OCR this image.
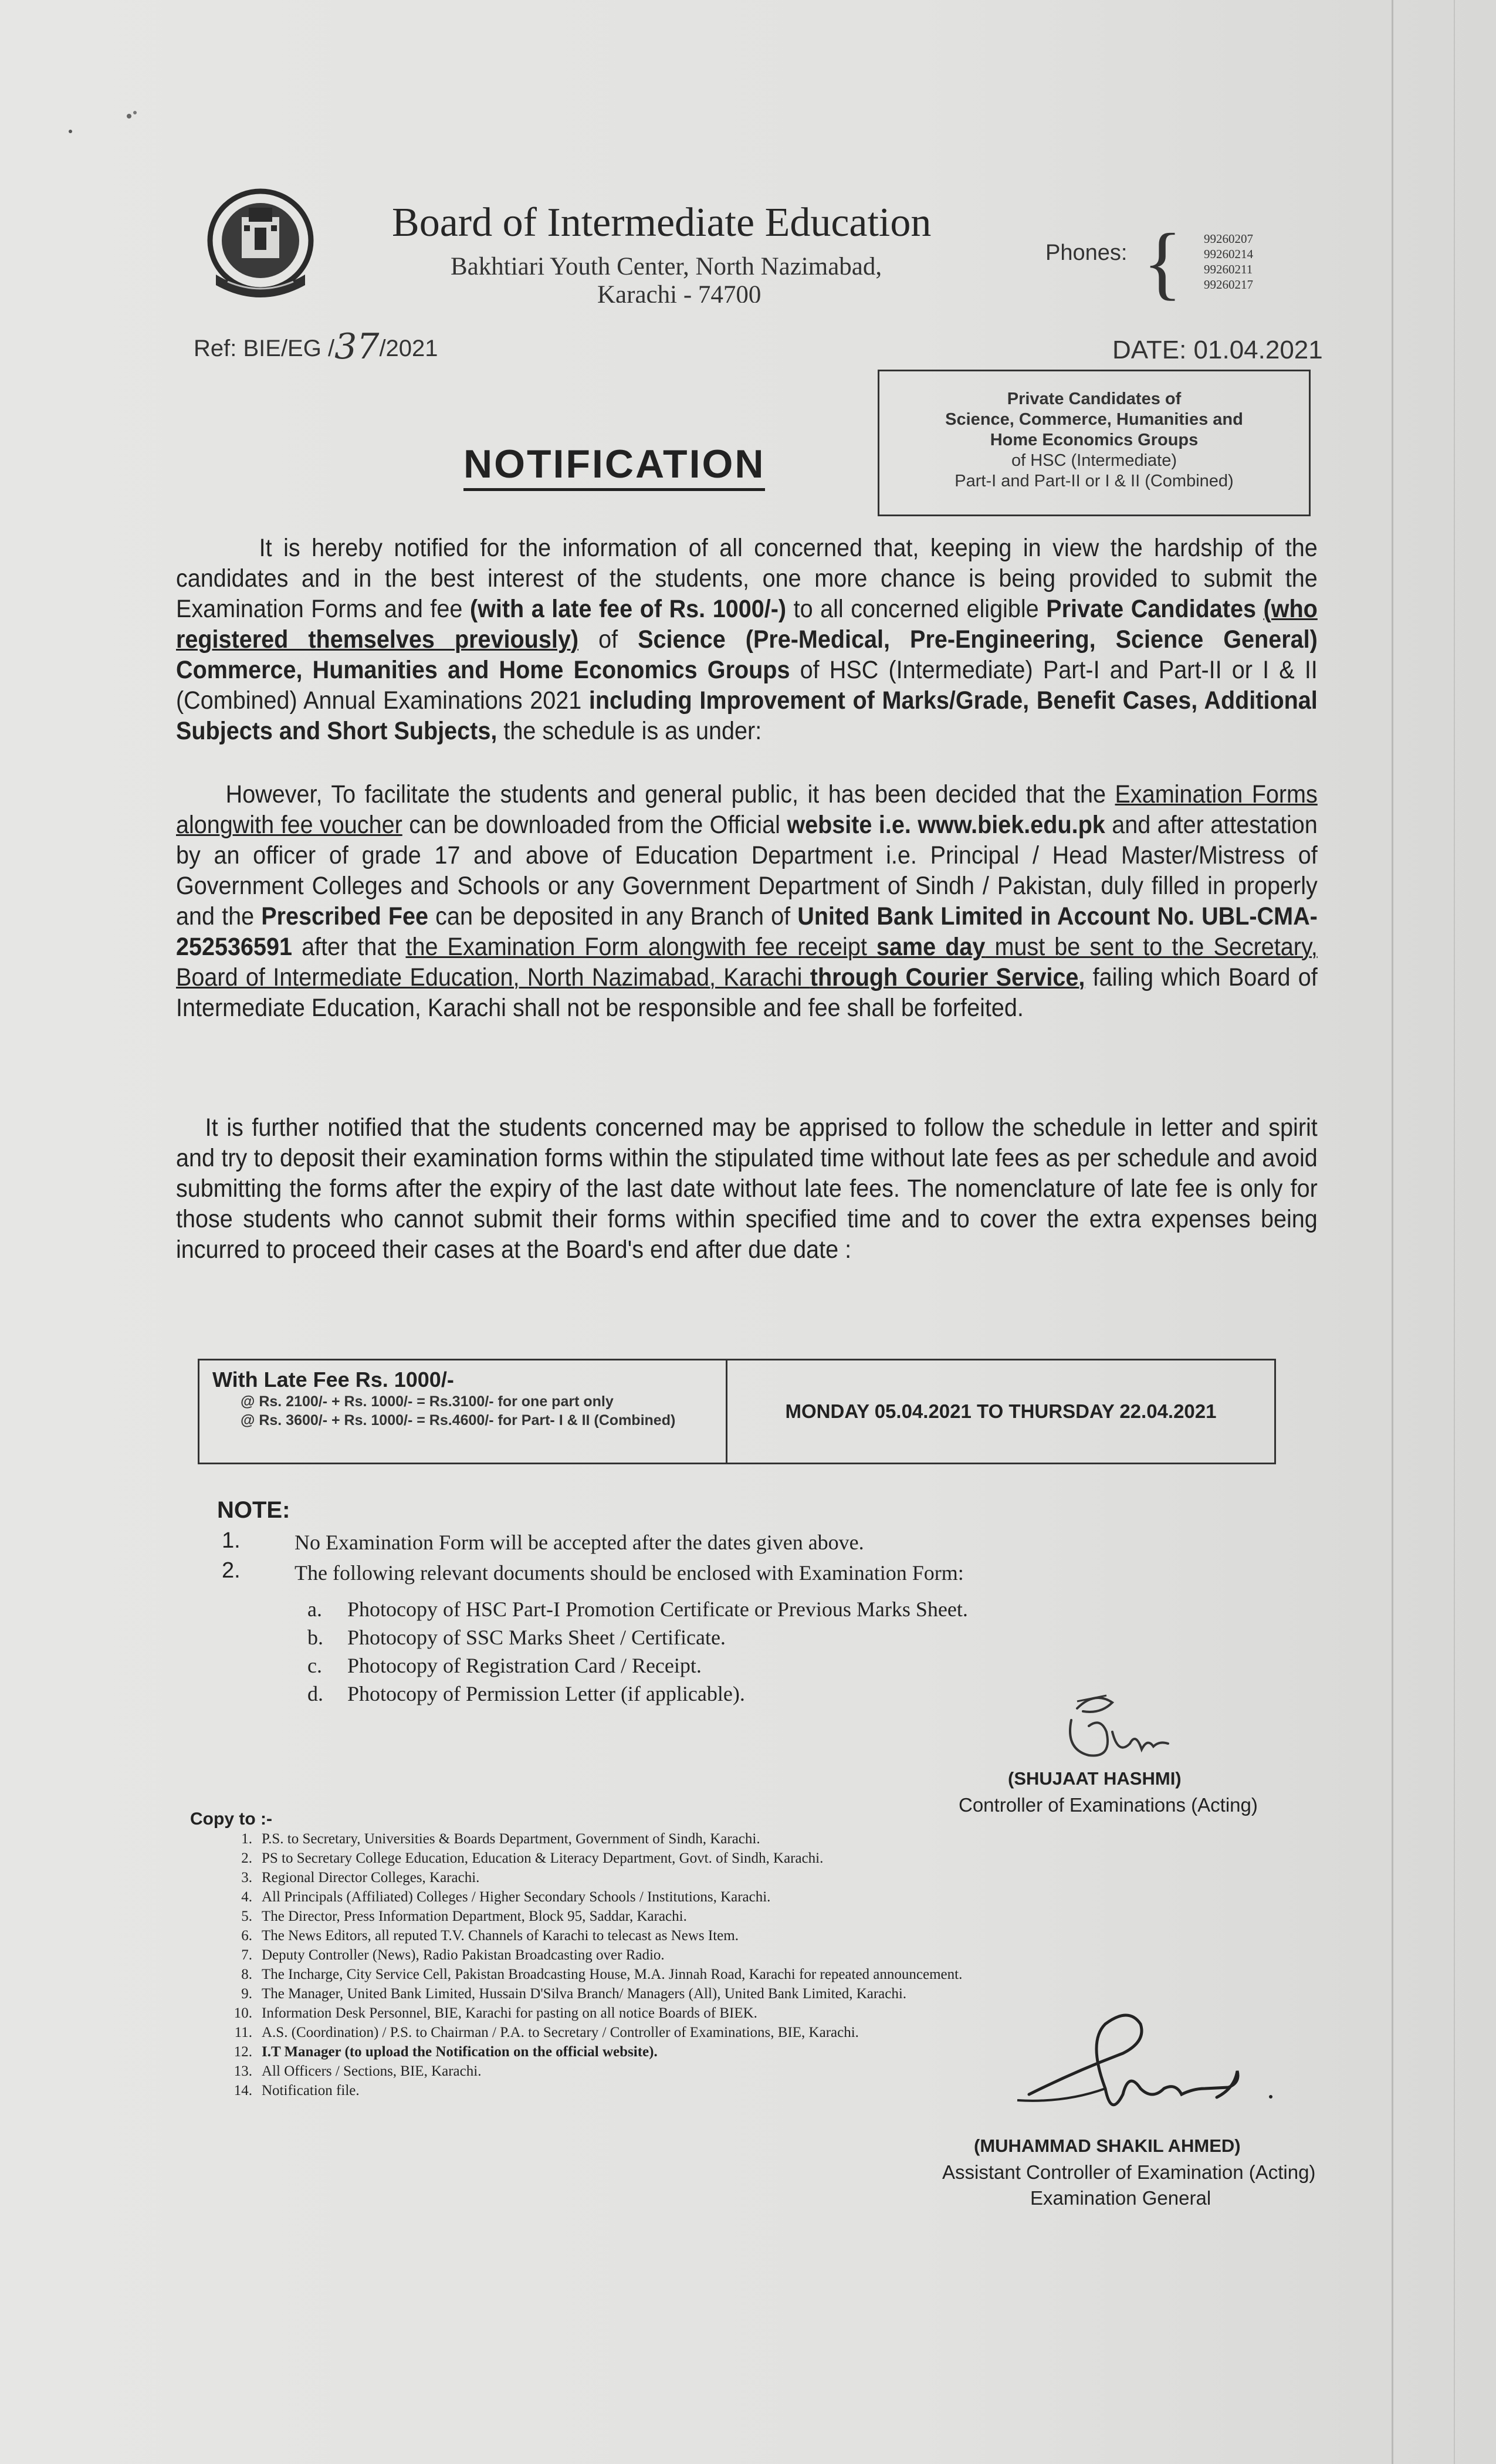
Board of Intermediate Education
Bakhtiari Youth Center, North Nazimabad,
Karachi - 74700
Phones: { 99260207
99260214
99260211
99260217
Ref: BIE/EG /37/2021	DATE: 01.04.2021
Private Candidates of
Science, Commerce, Humanities and
Home Economics Groups
of HSC (Intermediate)
Part-I and Part-II or I & II (Combined)
NOTIFICATION
It is hereby notified for the information of all concerned that, keeping in view the hardship of the candidates and in the best interest of the students, one more chance is being provided to submit the Examination Forms and fee (with a late fee of Rs. 1000/-) to all concerned eligible Private Candidates (who registered themselves previously) of Science (Pre-Medical, Pre-Engineering, Science General) Commerce, Humanities and Home Economics Groups of HSC (Intermediate) Part-I and Part-II or I & II (Combined) Annual Examinations 2021 including Improvement of Marks/Grade, Benefit Cases, Additional Subjects and Short Subjects, the schedule is as under:
However, To facilitate the students and general public, it has been decided that the Examination Forms alongwith fee voucher can be downloaded from the Official website i.e. www.biek.edu.pk and after attestation by an officer of grade 17 and above of Education Department i.e. Principal / Head Master/Mistress of Government Colleges and Schools or any Government Department of Sindh / Pakistan, duly filled in properly and the Prescribed Fee can be deposited in any Branch of United Bank Limited in Account No. UBL-CMA-252536591 after that the Examination Form alongwith fee receipt same day must be sent to the Secretary, Board of Intermediate Education, North Nazimabad, Karachi through Courier Service, failing which Board of Intermediate Education, Karachi shall not be responsible and fee shall be forfeited.
It is further notified that the students concerned may be apprised to follow the schedule in letter and spirit and try to deposit their examination forms within the stipulated time without late fees as per schedule and avoid submitting the forms after the expiry of the last date without late fees. The nomenclature of late fee is only for those students who cannot submit their forms within specified time and to cover the extra expenses being incurred to proceed their cases at the Board's end after due date :
With Late Fee Rs. 1000/-
@ Rs. 2100/- + Rs. 1000/- = Rs.3100/- for one part only
@ Rs. 3600/- + Rs. 1000/- = Rs.4600/- for Part- I & II (Combined)	MONDAY 05.04.2021 TO THURSDAY 22.04.2021
NOTE:
1.	No Examination Form will be accepted after the dates given above.
2.	The following relevant documents should be enclosed with Examination Form:
a. Photocopy of HSC Part-I Promotion Certificate or Previous Marks Sheet.
b. Photocopy of SSC Marks Sheet / Certificate.
c. Photocopy of Registration Card / Receipt.
d. Photocopy of Permission Letter (if applicable).
(SHUJAAT HASHMI)
Controller of Examinations (Acting)
Copy to :-
1. P.S. to Secretary, Universities & Boards Department, Government of Sindh, Karachi.
2. PS to Secretary College Education, Education & Literacy Department, Govt. of Sindh, Karachi.
3. Regional Director Colleges, Karachi.
4. All Principals (Affiliated) Colleges / Higher Secondary Schools / Institutions, Karachi.
5. The Director, Press Information Department, Block 95, Saddar, Karachi.
6. The News Editors, all reputed T.V. Channels of Karachi to telecast as News Item.
7. Deputy Controller (News), Radio Pakistan Broadcasting over Radio.
8. The Incharge, City Service Cell, Pakistan Broadcasting House, M.A. Jinnah Road, Karachi for repeated announcement.
9. The Manager, United Bank Limited, Hussain D'Silva Branch/ Managers (All), United Bank Limited, Karachi.
10. Information Desk Personnel, BIE, Karachi for pasting on all notice Boards of BIEK.
11. A.S. (Coordination) / P.S. to Chairman / P.A. to Secretary / Controller of Examinations, BIE, Karachi.
12. I.T Manager (to upload the Notification on the official website).
13. All Officers / Sections, BIE, Karachi.
14. Notification file.
(MUHAMMAD SHAKIL AHMED)
Assistant Controller of Examination (Acting)
Examination General
